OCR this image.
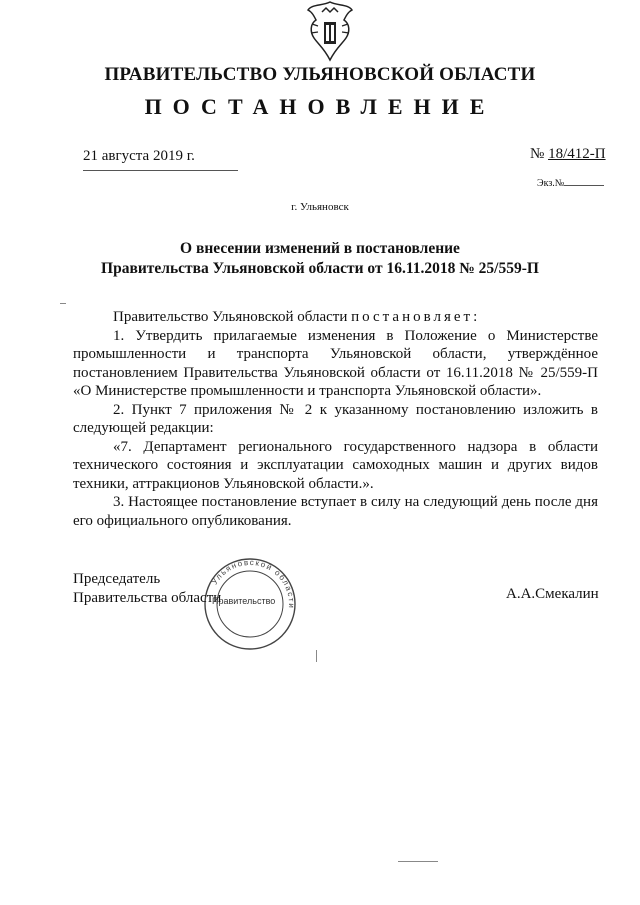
ПРАВИТЕЛЬСТВО УЛЬЯНОВСКОЙ ОБЛАСТИ
ПОСТАНОВЛЕНИЕ
21 августа 2019 г.	№ 18/412-П
Экз.№
г. Ульяновск
О внесении изменений в постановление
Правительства Ульяновской области от 16.11.2018 № 25/559-П

Правительство Ульяновской области постановляет:

1. Утвердить прилагаемые изменения в Положение о Министерстве промышленности и транспорта Ульяновской области, утверждённое постановлением Правительства Ульяновской области от 16.11.2018 № 25/559-П «О Министерстве промышленности и транспорта Ульяновской области».

2. Пункт 7 приложения № 2 к указанному постановлению изложить в следующей редакции:

«7. Департамент регионального государственного надзора в области технического состояния и эксплуатации самоходных машин и других видов техники, аттракционов Ульяновской области.».

3. Настоящее постановление вступает в силу на следующий день после дня его официального опубликования.

Ульяновской области
Правительство
Председатель
Правительства области	А.А.Смекалин
